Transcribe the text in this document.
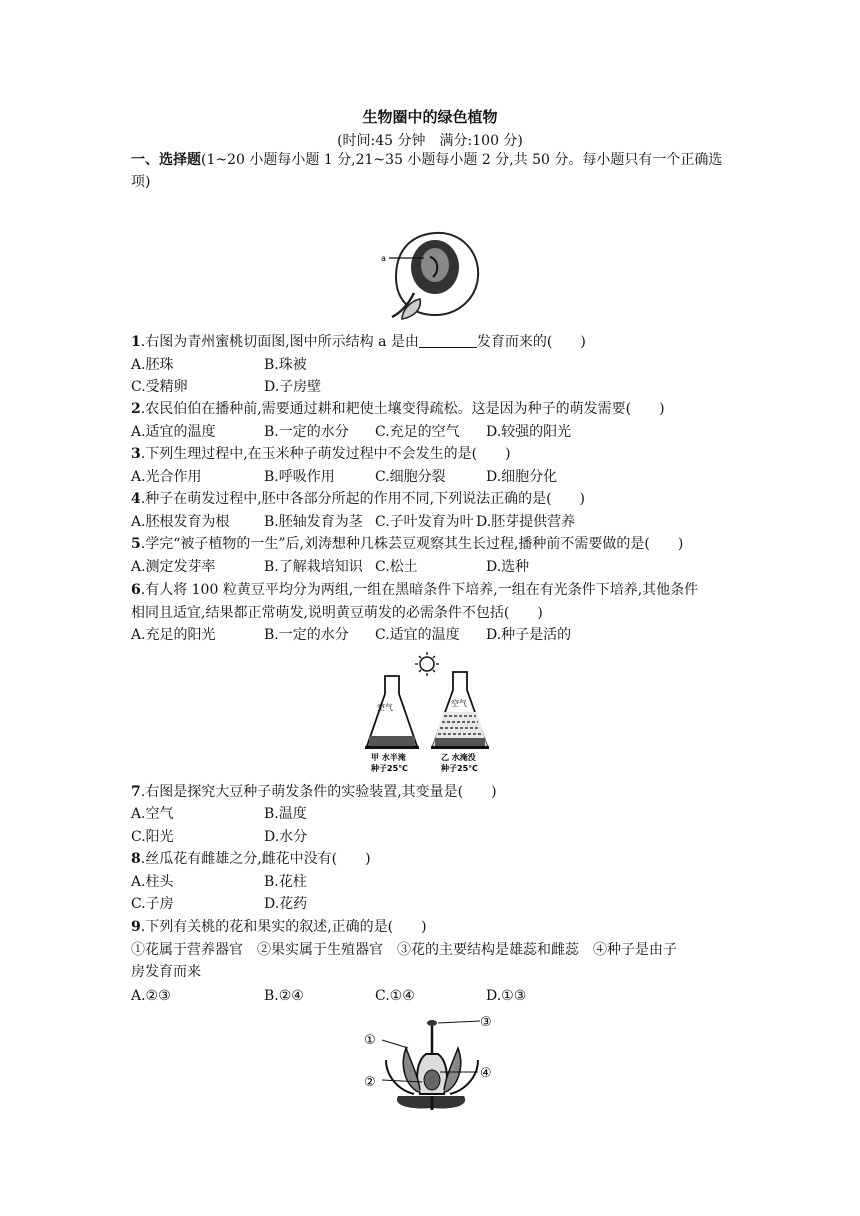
生物圈中的绿色植物
(时间:45 分钟　满分:100 分)
一、选择题(1~20 小题每小题 1 分,21~35 小题每小题 2 分,共 50 分。每小题只有一个正确选
项)
a
1.右图为青州蜜桃切面图,图中所示结构 a 是由	发育而来的(　　)
A.胚珠	B.珠被
C.受精卵	D.子房壁
2.农民伯伯在播种前,需要通过耕和耙使土壤变得疏松。这是因为种子的萌发需要(　　)
A.适宜的温度	B.一定的水分 C.充足的空气 D.较强的阳光
3.下列生理过程中,在玉米种子萌发过程中不会发生的是(　　)
A.光合作用	B.呼吸作用	C.细胞分裂	D.细胞分化
4.种子在萌发过程中,胚中各部分所起的作用不同,下列说法正确的是(　　)
A.胚根发育为根 B.胚轴发育为茎 C.子叶发育为叶 D.胚芽提供营养
5.学完“被子植物的一生”后,刘涛想种几株芸豆观察其生长过程,播种前不需要做的是(　　)
A.测定发芽率	B.了解栽培知识 C.松土	D.选种
6.有人将 100 粒黄豆平均分为两组,一组在黑暗条件下培养,一组在有光条件下培养,其他条件
相同且适宜,结果都正常萌发,说明黄豆萌发的必需条件不包括(　　)
A.充足的阳光	B.一定的水分 C.适宜的温度 D.种子是活的
空气	空气
甲 水半淹
种子25℃
乙 水淹没
种子25℃
7.右图是探究大豆种子萌发条件的实验装置,其变量是(　　)
A.空气	B.温度
C.阳光	D.水分
8.丝瓜花有雌雄之分,雌花中没有(　　)
A.柱头	B.花柱
C.子房	D.花药
9.下列有关桃的花和果实的叙述,正确的是(　　)
①花属于营养器官　②果实属于生殖器官　③花的主要结构是雄蕊和雌蕊　④种子是由子
房发育而来
A.②③	B.②④	C.①④	D.①③
①
②
③
④
